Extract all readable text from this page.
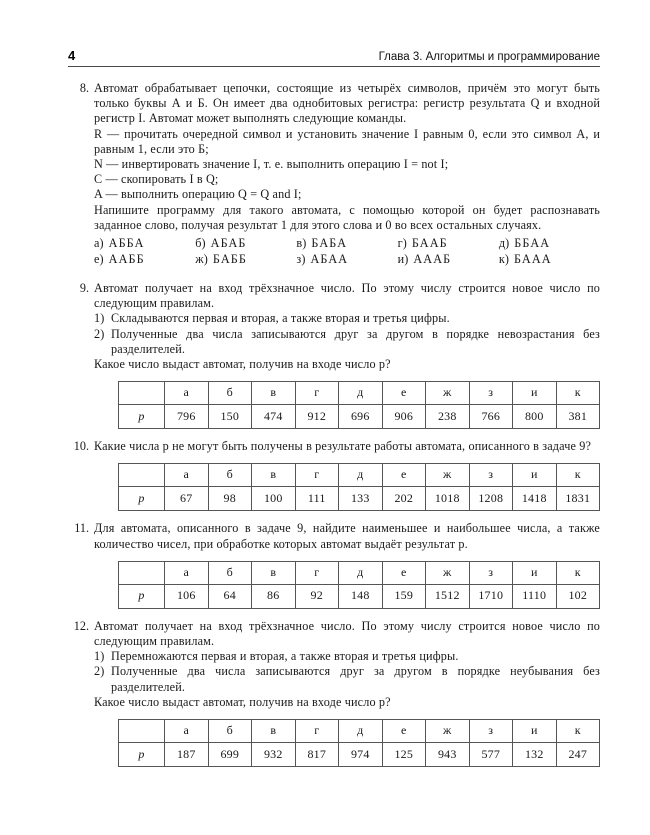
4	Глава 3. Алгоритмы и программирование
8. Автомат обрабатывает цепочки, состоящие из четырёх символов, причём это могут быть только буквы А и Б. Он имеет два однобитовых регистра: регистр результата Q и входной регистр I. Автомат может выполнять следующие команды.
R — прочитать очередной символ и установить значение I равным 0, если это символ А, и равным 1, если это Б;
N — инвертировать значение I, т. е. выполнить операцию I = not I;
C — скопировать I в Q;
A — выполнить операцию Q = Q and I;
Напишите программу для такого автомата, с помощью которой он будет распознавать заданное слово, получая результат 1 для этого слова и 0 во всех остальных случаях.
а) АББА	б) АБАБ	в) БАБА	г) БААБ	д) ББАА
е) ААББ	ж) БАББ	з) АБАА	и) АААБ	к) БААА
9. Автомат получает на вход трёхзначное число. По этому числу строится новое число по следующим правилам.
1) Складываются первая и вторая, а также вторая и третья цифры.
2) Полученные два числа записываются друг за другом в порядке невозрастания без разделителей.
Какое число выдаст автомат, получив на входе число p?
	а	б	в	г	д	е	ж	з	и	к
p	796	150	474	912	696	906	238	766	800	381
10. Какие числа p не могут быть получены в результате работы автомата, описанного в задаче 9?
	а	б	в	г	д	е	ж	з	и	к
p	67	98	100	111	133	202	1018	1208	1418	1831
11. Для автомата, описанного в задаче 9, найдите наименьшее и наибольшее числа, а также количество чисел, при обработке которых автомат выдаёт результат p.
	а	б	в	г	д	е	ж	з	и	к
p	106	64	86	92	148	159	1512	1710	1110	102
12. Автомат получает на вход трёхзначное число. По этому числу строится новое число по следующим правилам.
1) Перемножаются первая и вторая, а также вторая и третья цифры.
2) Полученные два числа записываются друг за другом в порядке неубывания без разделителей.
Какое число выдаст автомат, получив на входе число p?
	а	б	в	г	д	е	ж	з	и	к
p	187	699	932	817	974	125	943	577	132	247
